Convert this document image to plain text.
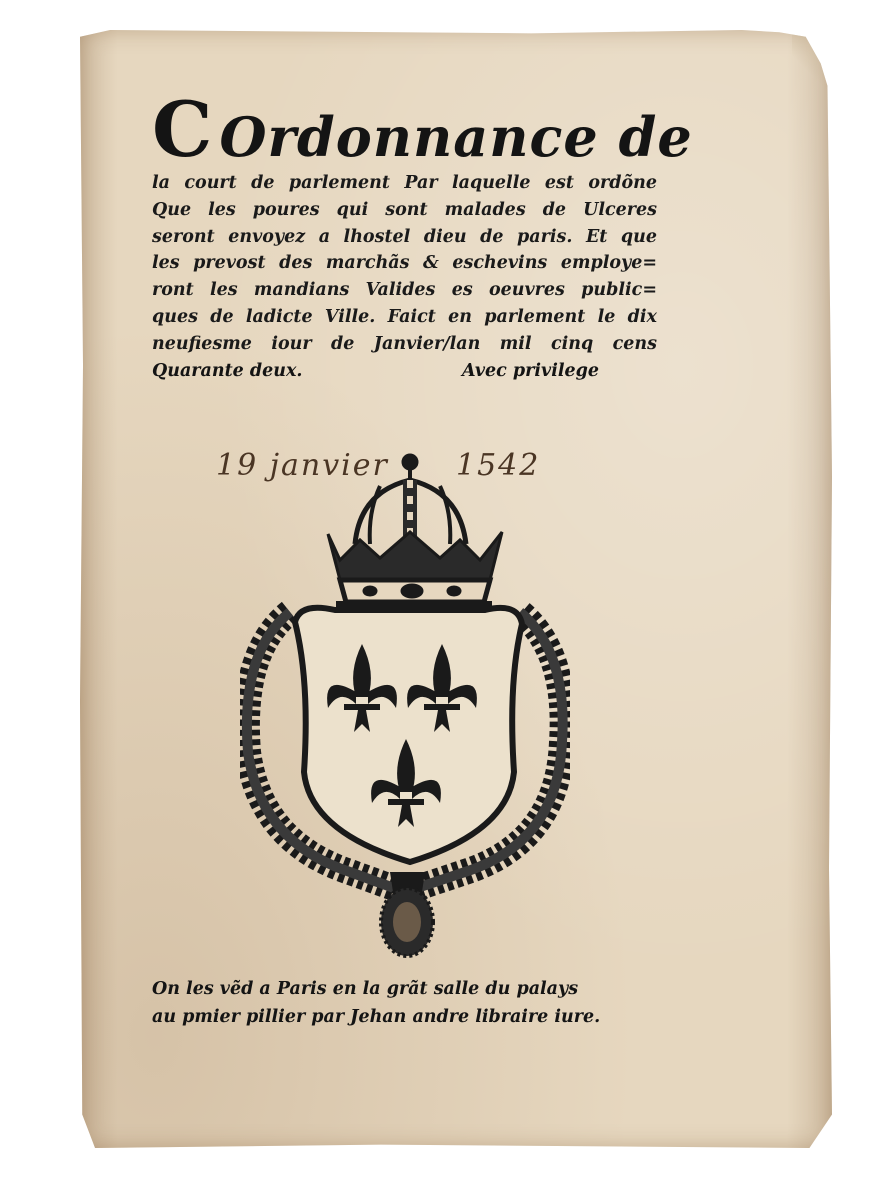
C Ordonnance de
la court de parlement Par laquelle est ordõne
Que les poures qui sont malades de Ulceres
seront envoyez a lhostel dieu de paris. Et que
les prevost des marchãs & eschevins employe=
ront les mandians Valides es oeuvres public=
ques de ladicte Ville. Faict en parlement le dix
neufiesme iour de Janvier/lan mil cinq cens
Quarante deux.	Avec privilege
19 janvier 1542
On les vẽd a Paris en la grãt salle du palays
au pmier pillier par Jehan andre libraire iure.
